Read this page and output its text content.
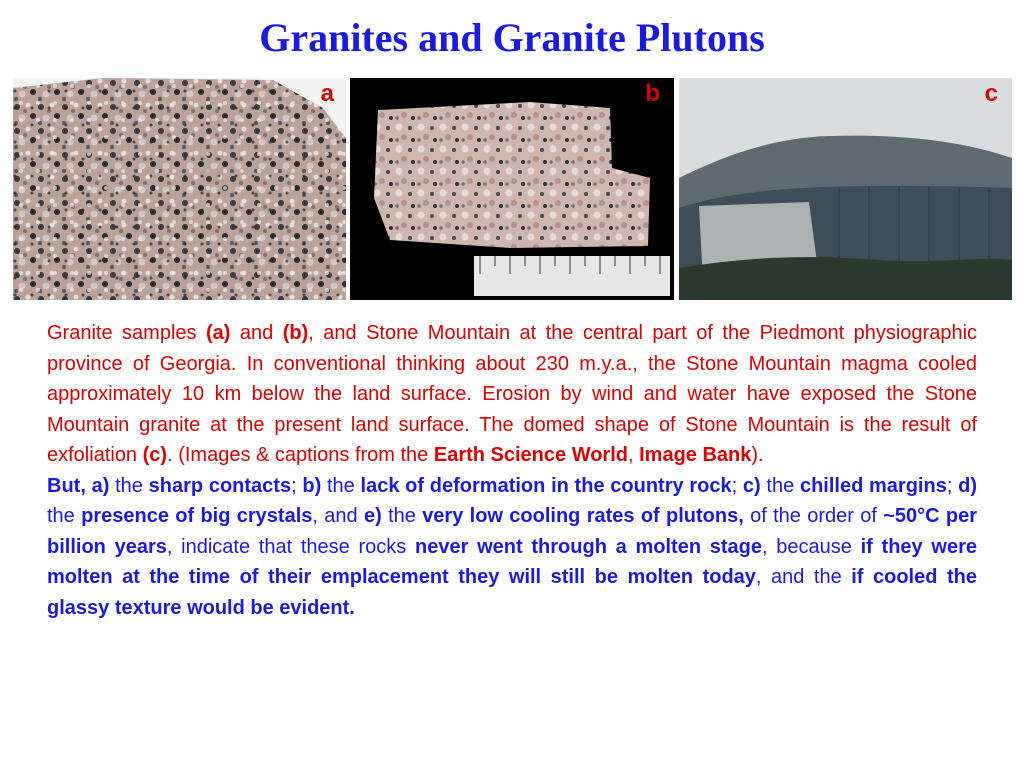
Granites and Granite Plutons
a	b	c

Granite samples (a) and (b), and Stone Mountain at the central part of the Piedmont physiographic province of Georgia. In conventional thinking about 230 m.y.a., the Stone Mountain magma cooled approximately 10 km below the land surface. Erosion by wind and water have exposed the Stone Mountain granite at the present land surface. The domed shape of Stone Mountain is the result of exfoliation (c). (Images & captions from the Earth Science World, Image Bank).

But, a) the sharp contacts; b) the lack of deformation in the country rock; c) the chilled margins; d) the presence of big crystals, and e) the very low cooling rates of plutons, of the order of ~50°C per billion years, indicate that these rocks never went through a molten stage, because if they were molten at the time of their emplacement they will still be molten today, and the if cooled the glassy texture would be evident.
